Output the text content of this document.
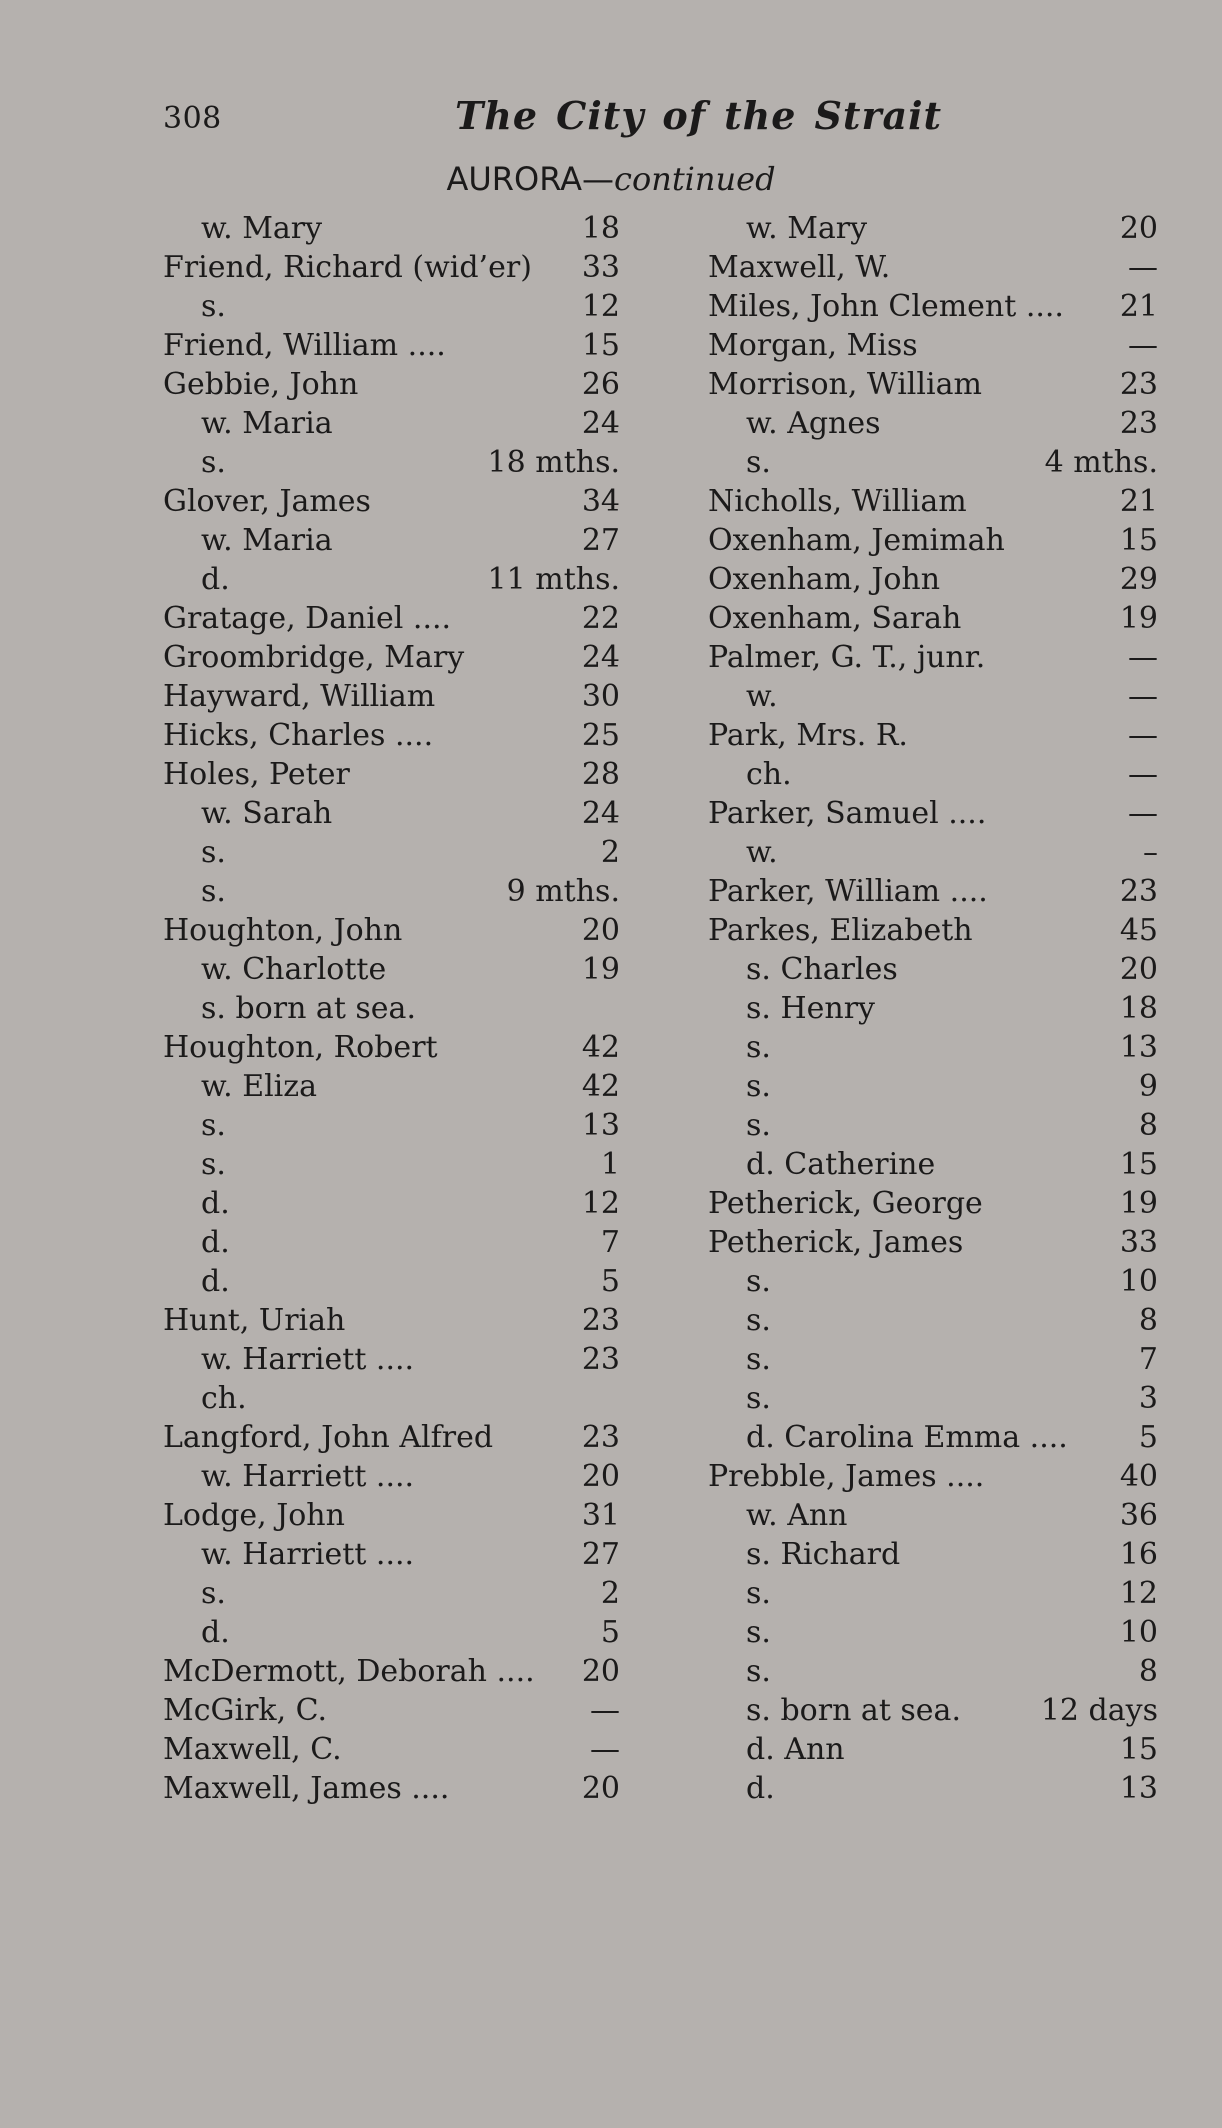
308	The City of the Strait
AURORA—continued
w. Mary	18
Friend, Richard (wid’er) 33
s.	12
Friend, William ....	15
Gebbie, John	26
w. Maria	24
s.	18 mths.
Glover, James	34
w. Maria	27
d.	11 mths.
Gratage, Daniel ....	22
Groombridge, Mary	24
Hayward, William	30
Hicks, Charles ....	25
Holes, Peter	28
w. Sarah	24
s.	2
s.	9 mths.
Houghton, John	20
w. Charlotte	19
s. born at sea.
Houghton, Robert	42
w. Eliza	42
s.	13
s.	1
d.	12
d.	7
d.	5
Hunt, Uriah	23
w. Harriett ....	23
ch.
Langford, John Alfred	23
w. Harriett ....	20
Lodge, John	31
w. Harriett ....	27
s.	2
d.	5
McDermott, Deborah .... 20
McGirk, C.	—
Maxwell, C.	—
Maxwell, James ....	20
w. Mary	20
Maxwell, W.	—
Miles, John Clement .... 21
Morgan, Miss	—
Morrison, William	23
w. Agnes	23
s.	4 mths.
Nicholls, William	21
Oxenham, Jemimah	15
Oxenham, John	29
Oxenham, Sarah	19
Palmer, G. T., junr.	—
w.	—
Park, Mrs. R.	—
ch.	—
Parker, Samuel ....	—
w.	–
Parker, William ....	23
Parkes, Elizabeth	45
s. Charles	20
s. Henry	18
s.	13
s.	9
s.	8
d. Catherine	15
Petherick, George	19
Petherick, James	33
s.	10
s.	8
s.	7
s.	3
d. Carolina Emma .... 5
Prebble, James ....	40
w. Ann	36
s. Richard	16
s.	12
s.	10
s.	8
s. born at sea.	12 days
d. Ann	15
d.	13
